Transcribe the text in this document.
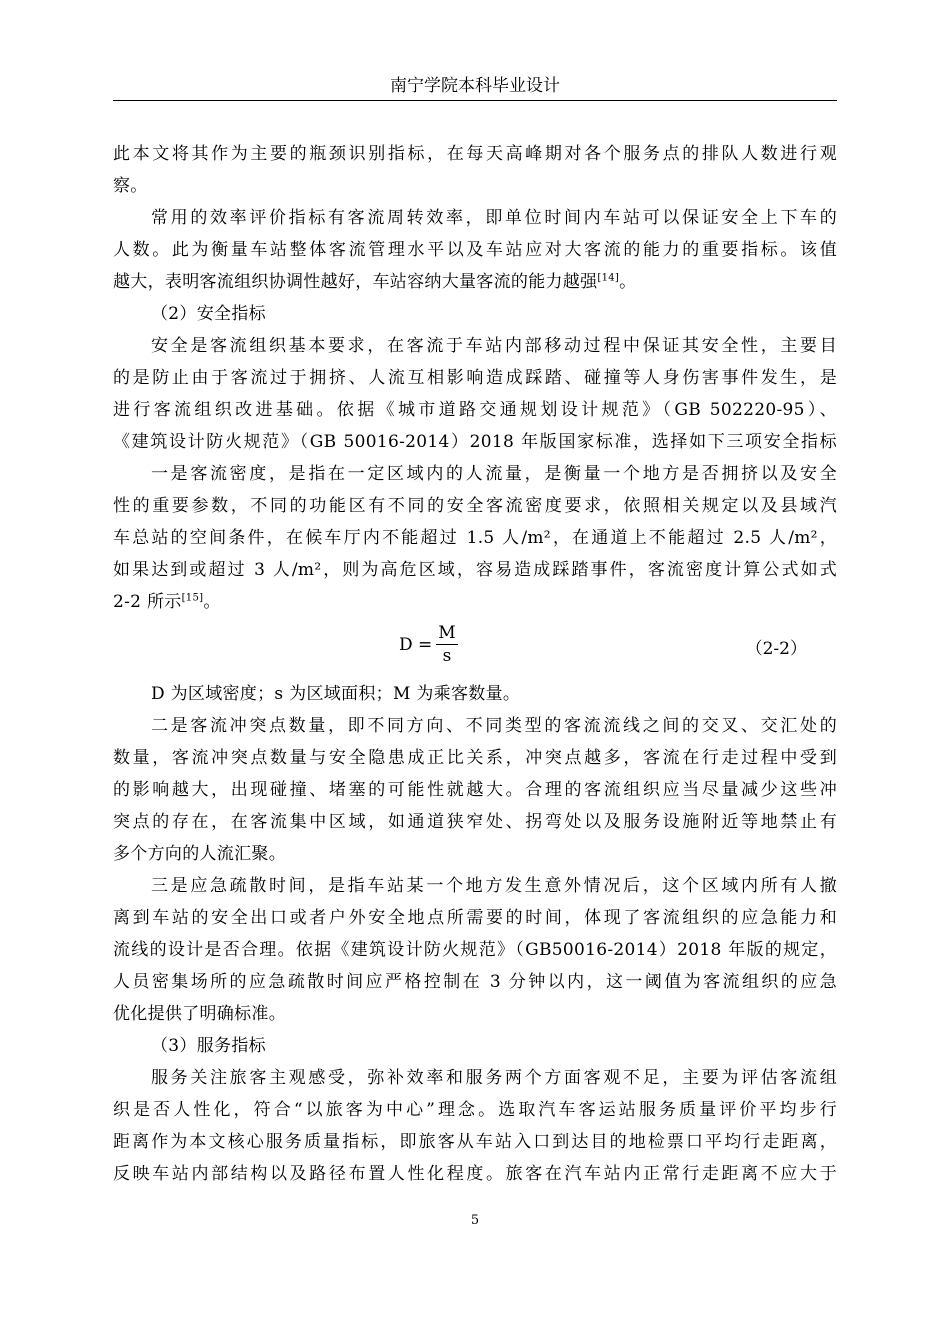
南宁学院本科毕业设计
此本文将其作为主要的瓶颈识别指标，在每天高峰期对各个服务点的排队人数进行观
察。
常用的效率评价指标有客流周转效率，即单位时间内车站可以保证安全上下车的
人数。此为衡量车站整体客流管理水平以及车站应对大客流的能力的重要指标。该值
越大，表明客流组织协调性越好，车站容纳大量客流的能力越强[14]。
（2）安全指标
安全是客流组织基本要求，在客流于车站内部移动过程中保证其安全性，主要目
的是防止由于客流过于拥挤、人流互相影响造成踩踏、碰撞等人身伤害事件发生，是
进行客流组织改进基础。依据《城市道路交通规划设计规范》（GB 502220-95）、
《建筑设计防火规范》（GB 50016-2014）2018 年版国家标准，选择如下三项安全指标
一是客流密度，是指在一定区域内的人流量，是衡量一个地方是否拥挤以及安全
性的重要参数，不同的功能区有不同的安全客流密度要求，依照相关规定以及县域汽
车总站的空间条件，在候车厅内不能超过 1.5 人/m²，在通道上不能超过 2.5 人/m²，
如果达到或超过 3 人/m²，则为高危区域，容易造成踩踏事件，客流密度计算公式如式
2-2 所示[15]。
$D = \frac{M}{s}$	（2-2）
D 为区域密度；s 为区域面积；M 为乘客数量。
二是客流冲突点数量，即不同方向、不同类型的客流流线之间的交叉、交汇处的
数量，客流冲突点数量与安全隐患成正比关系，冲突点越多，客流在行走过程中受到
的影响越大，出现碰撞、堵塞的可能性就越大。合理的客流组织应当尽量减少这些冲
突点的存在，在客流集中区域，如通道狭窄处、拐弯处以及服务设施附近等地禁止有
多个方向的人流汇聚。
三是应急疏散时间，是指车站某一个地方发生意外情况后，这个区域内所有人撤
离到车站的安全出口或者户外安全地点所需要的时间，体现了客流组织的应急能力和
流线的设计是否合理。依据《建筑设计防火规范》（GB50016-2014）2018 年版的规定，
人员密集场所的应急疏散时间应严格控制在 3 分钟以内，这一阈值为客流组织的应急
优化提供了明确标准。
（3）服务指标
服务关注旅客主观感受，弥补效率和服务两个方面客观不足，主要为评估客流组
织是否人性化，符合“以旅客为中心”理念。选取汽车客运站服务质量评价平均步行
距离作为本文核心服务质量指标，即旅客从车站入口到达目的地检票口平均行走距离，
反映车站内部结构以及路径布置人性化程度。旅客在汽车站内正常行走距离不应大于
5
